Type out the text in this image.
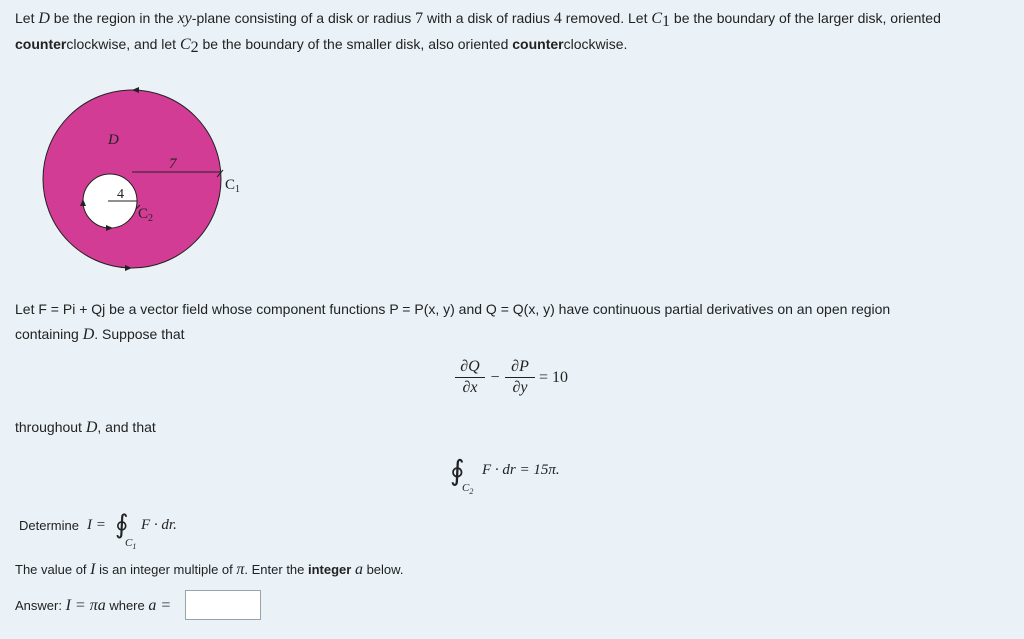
Let D be the region in the xy-plane consisting of a disk or radius 7 with a disk of radius 4 removed. Let $C_1$ be the boundary of the larger disk, oriented
counterclockwise, and let $C_2$ be the boundary of the smaller disk, also oriented counterclockwise.
D
7
4
$C_1$
$C_2$
Let F = Pi + Qj be a vector field whose component functions P = P(x, y) and Q = Q(x, y) have continuous partial derivatives on an open region
containing D. Suppose that
∂Q
∂x
−
∂P
∂y
= 10
throughout D, and that
∮
$C_2$
F · dr = 15π.
Determine I = ∮
$C_1$
F · dr.
The value of I is an integer multiple of π. Enter the integer a below.
Answer: I = πa where a =
